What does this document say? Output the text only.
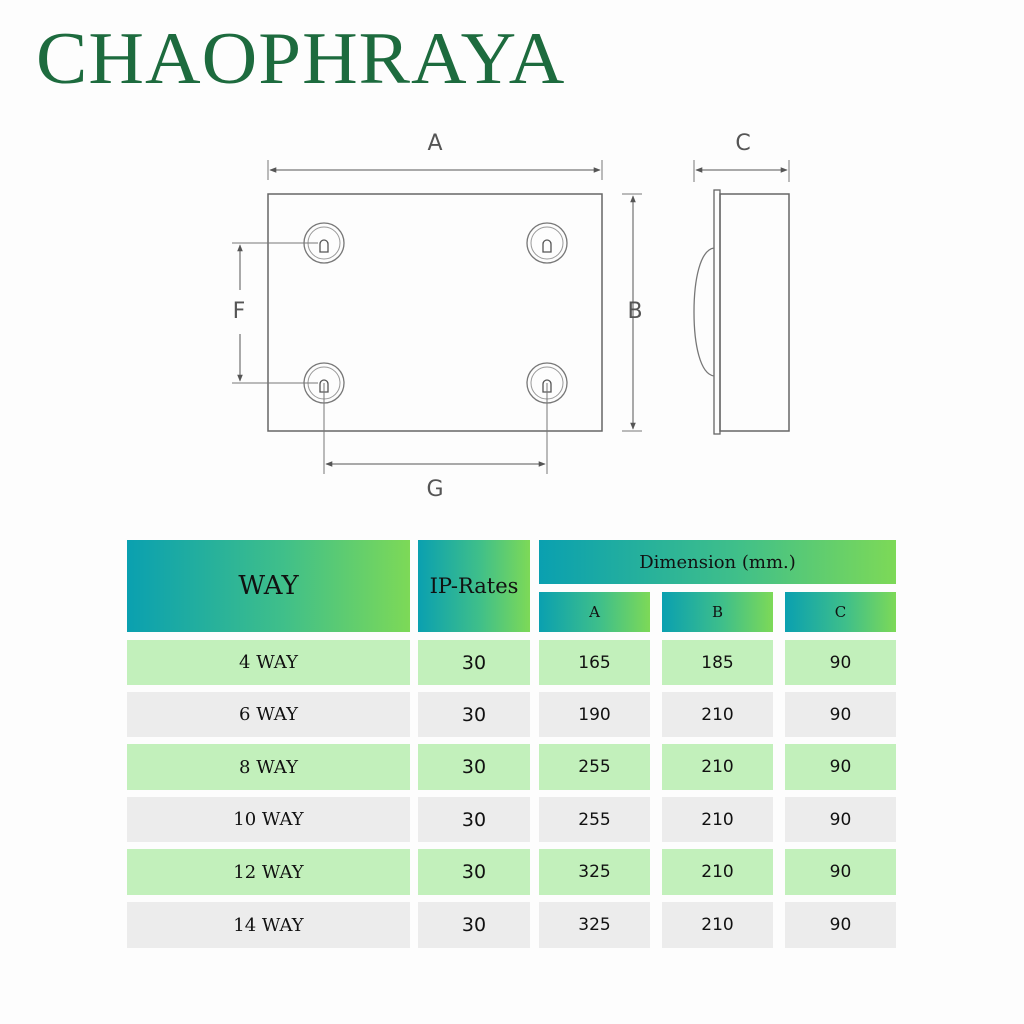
CHAOPHRAYA
A
B
F
G
C
WAY	IP-Rates
Dimension (mm.)
A	B	C
4 WAY	30	165	185	90
6 WAY	30	190	210	90
8 WAY	30	255	210	90
10 WAY	30	255	210	90
12 WAY	30	325	210	90
14 WAY	30	325	210	90
